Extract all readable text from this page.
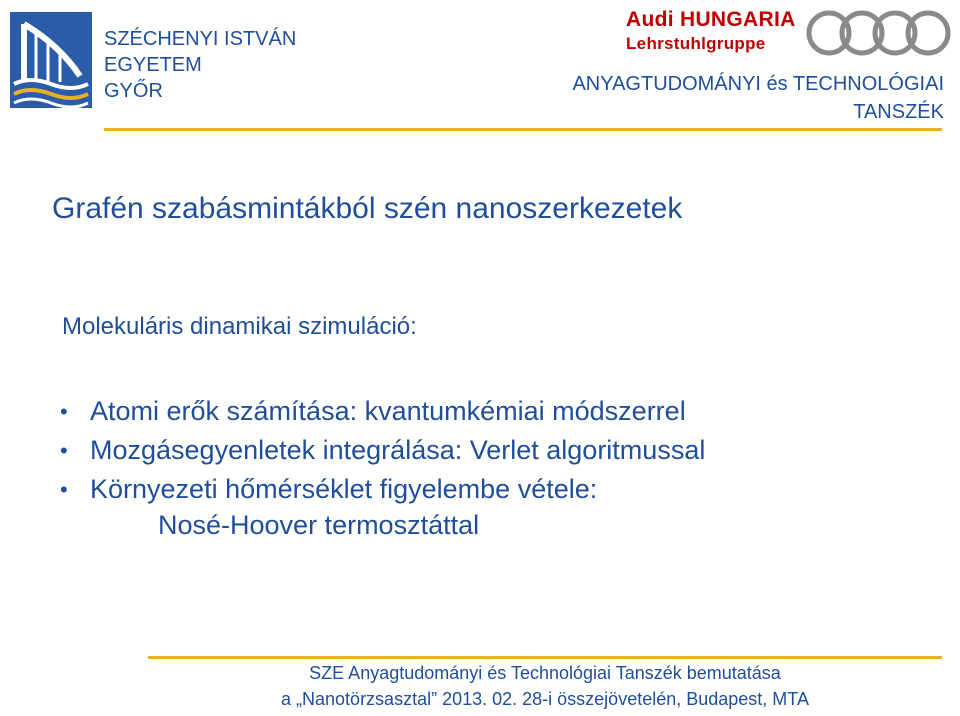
SZÉCHENYI ISTVÁN
EGYETEM
GYŐR
Audi HUNGARIA
Lehrstuhlgruppe
ANYAGTUDOMÁNYI és TECHNOLÓGIAI
TANSZÉK
Grafén szabásmintákból szén nanoszerkezetek
Molekuláris dinamikai szimuláció:
• Atomi erők számítása: kvantumkémiai módszerrel
• Mozgásegyenletek integrálása: Verlet algoritmussal
• Környezeti hőmérséklet figyelembe vétele:
Nosé-Hoover termosztáttal
SZE Anyagtudományi és Technológiai Tanszék bemutatása
a „Nanotörzsasztal” 2013. 02. 28-i összejövetelén, Budapest, MTA
